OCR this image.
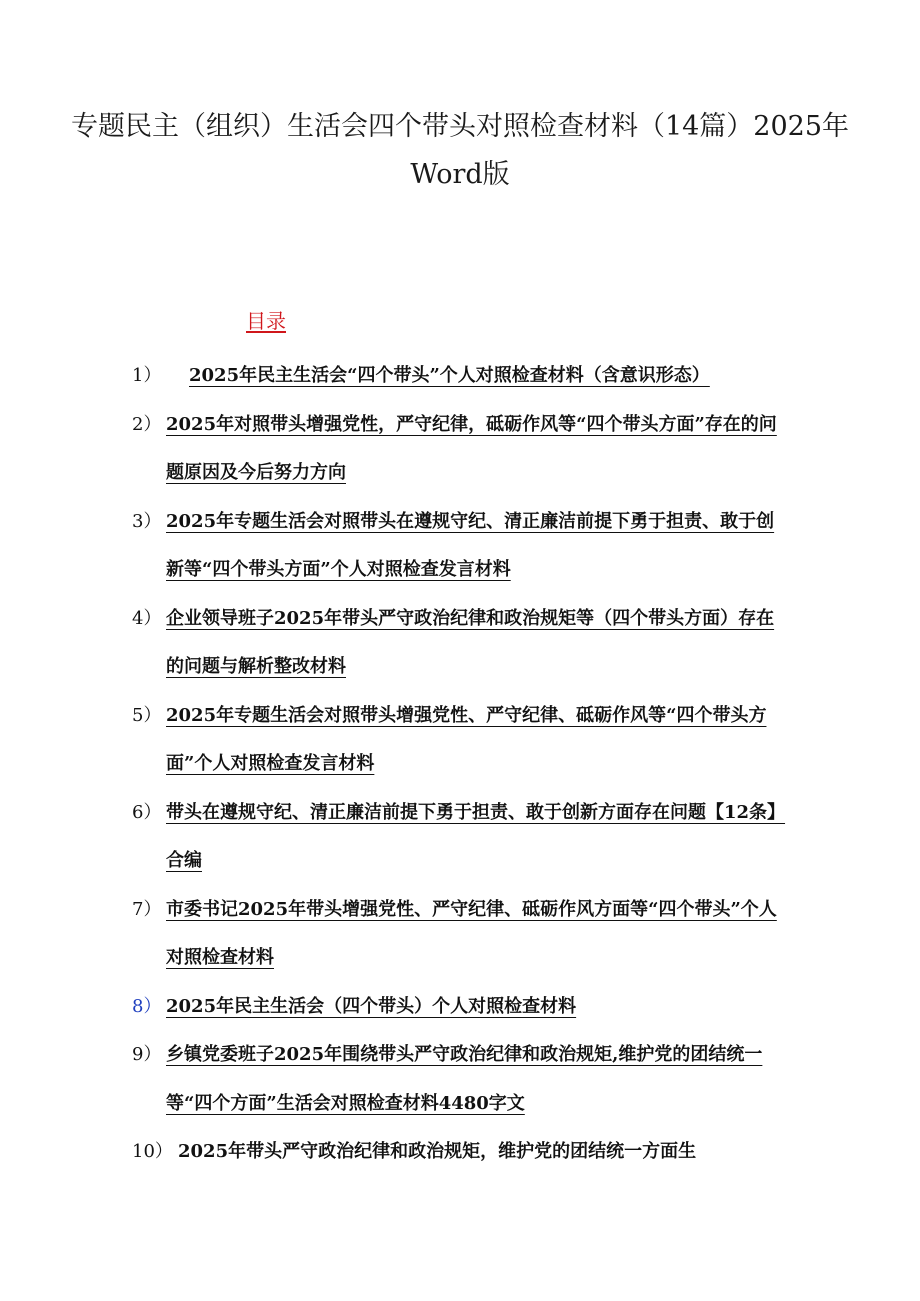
专题民主（组织）生活会四个带头对照检查材料（14篇）2025年Word版
目录
1）	2025年民主生活会“四个带头”个人对照检查材料（含意识形态）
2） 2025年对照带头增强党性，严守纪律，砥砺作风等“四个带头方面”存在的问题原因及今后努力方向
3） 2025年专题生活会对照带头在遵规守纪、清正廉洁前提下勇于担责、敢于创新等“四个带头方面”个人对照检查发言材料
4） 企业领导班子2025年带头严守政治纪律和政治规矩等（四个带头方面）存在的问题与解析整改材料
5） 2025年专题生活会对照带头增强党性、严守纪律、砥砺作风等“四个带头方面”个人对照检查发言材料
6） 带头在遵规守纪、清正廉洁前提下勇于担责、敢于创新方面存在问题【12条】合编
7） 市委书记2025年带头增强党性、严守纪律、砥砺作风方面等“四个带头”个人对照检查材料
8） 2025年民主生活会（四个带头）个人对照检查材料
9） 乡镇党委班子2025年围绕带头严守政治纪律和政治规矩,维护党的团结统一等“四个方面”生活会对照检查材料4480字文
10） 2025年带头严守政治纪律和政治规矩，维护党的团结统一方面生
